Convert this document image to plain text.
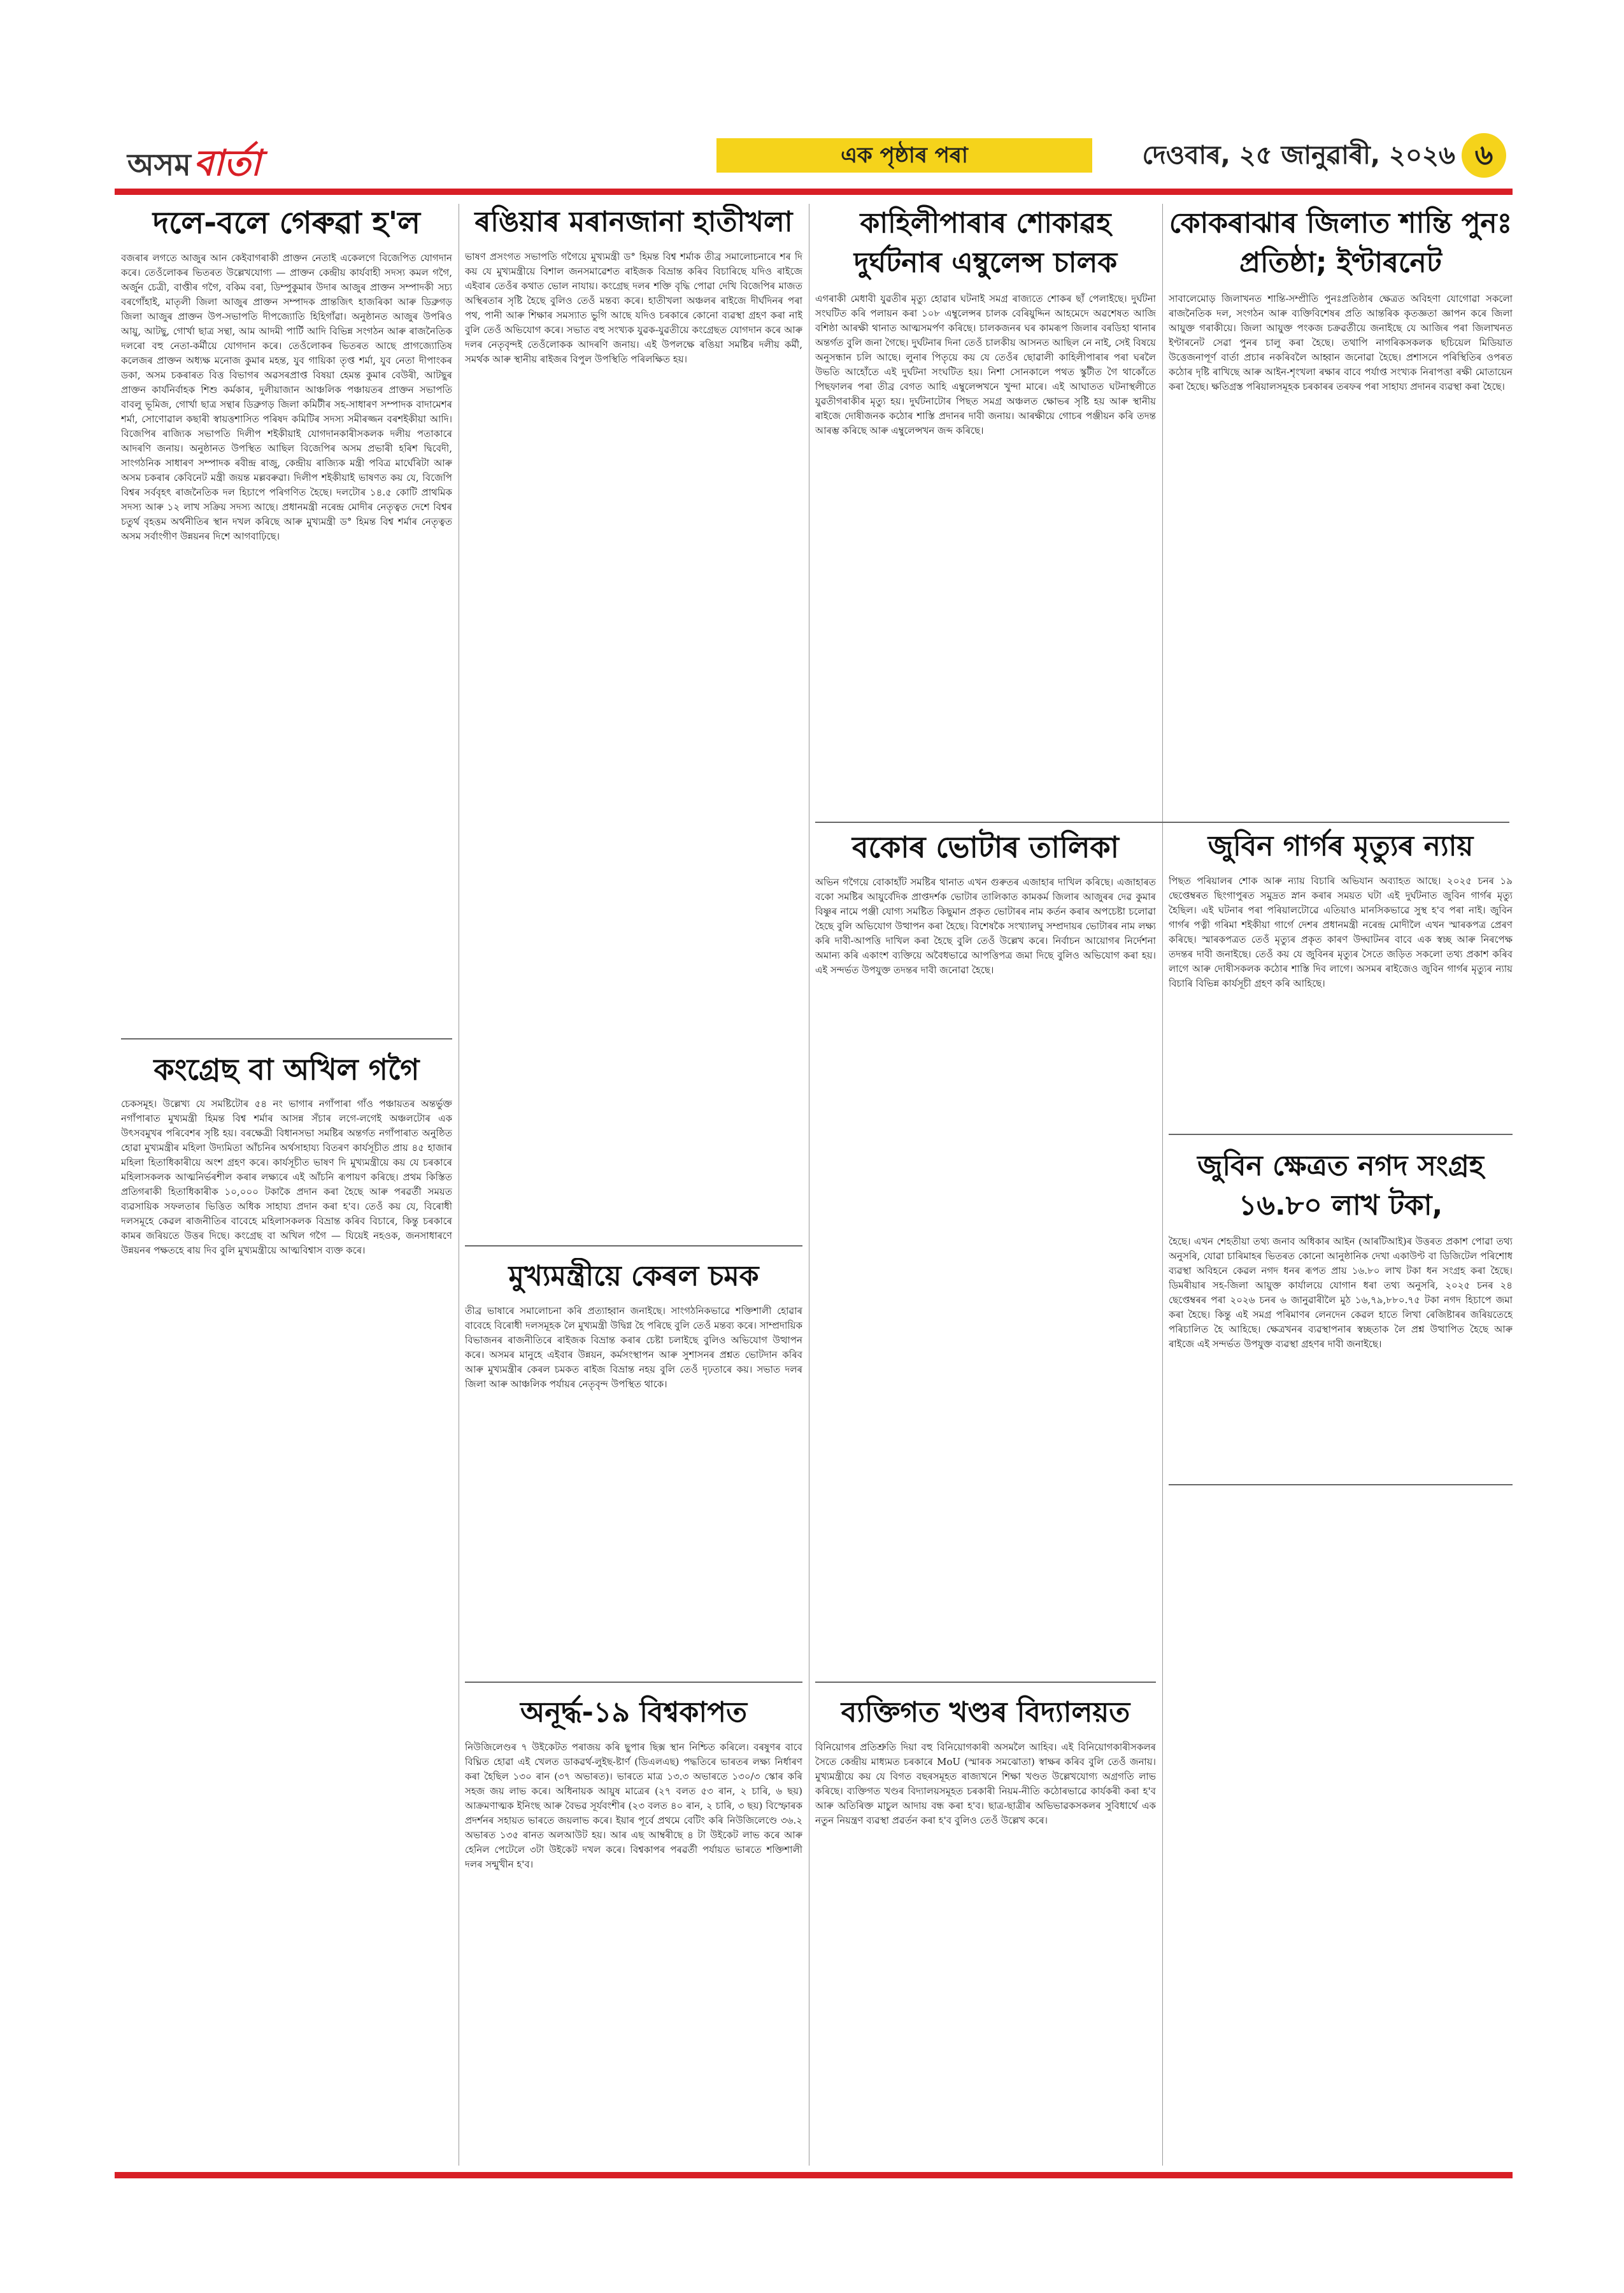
অসম বাৰ্তা	এক পৃষ্ঠাৰ পৰা	দেওবাৰ, ২৫ জানুৱাৰী, ২০২৬ ৬
দলে-বলে গেৰুৱা হ'ল
বজৰাৰ লগতে আজুৰ আন কেইবাগৰাকী প্ৰাক্তন নেতাই একেলগে বিজেপিত যোগদান কৰে। তেওঁলোকৰ ভিতৰত উল্লেখযোগ্য — প্ৰাক্তন কেন্দ্ৰীয় কাৰ্যবাহী সদস্য কমল গগৈ, অৰ্জুন চেত্ৰী, বাপ্তীৰ গগৈ, বকিম বৰা, ডিম্পুকুমাৰ উদাৰ আজুৰ প্ৰাক্তন সম্পাদকী সচ্য বৰগোঁহাই, মাতৃলী জিলা আজুৰ প্ৰাক্তন সম্পাদক প্ৰান্তজিৎ হাজৰিকা আৰু ডিব্ৰুগড় জিলা আজুৰ প্ৰাক্তন উপ-সভাপতি দীপজ্যোতি হিহিগাঁৱা। অনুষ্ঠানত আজুৰ উপৰিও আয়ু, আটছু, গোৰ্খা ছাত্ৰ সন্থা, আম আদমী পাৰ্টি আদি বিভিন্ন সংগঠন আৰু ৰাজনৈতিক দলৰো বহু নেতা-কৰ্মীয়ে যোগদান কৰে। তেওঁলোকৰ ভিতৰত আছে প্ৰাগজ্যোতিষ কলেজৰ প্ৰাক্তন অধ্যক্ষ মনোজ কুমাৰ মহন্ত, যুব গায়িকা তৃপ্ত শৰ্মা, যুব নেতা দীপাংকৰ ডকা, অসম চকৰাৰত বিত্ত বিভাগৰ অৱসৰপ্ৰাপ্ত বিষয়া হেমন্ত কুমাৰ বেউৰী, আটছুৰ প্ৰাক্তন কাৰ্যনিৰ্বাহক শিশু কৰ্মকাৰ, দুলীয়াজান আঞ্চলিক পঞ্চায়তৰ প্ৰাক্তন সভাপতি বাবলু ভূমিজ, গোৰ্খা ছাত্ৰ সন্থাৰ ডিব্ৰুগড় জিলা কমিটীৰ সহ-সাধাৰণ সম্পাদক বাদামেশৰ শৰ্মা, সোণোৱাল কছাৰী স্বায়ত্তশাসিত পৰিষদ কমিটিৰ সদস্য সমীৰজ্জন বৰশইকীয়া আদি। বিজেপিৰ ৰাজ্যিক সভাপতি দিলীপ শইকীয়াই যোগদানকাৰীসকলক দলীয় পতাকাৰে আদৰণি জনায়। অনুষ্ঠানত উপস্থিত আছিল বিজেপিৰ অসম প্ৰভাৰী হৰিশ দ্বিবেদী, সাংগঠনিক সাধাৰণ সম্পাদক ৰবীন্দ্ৰ ৰাজু, কেন্দ্ৰীয় ৰাজ্যিক মন্ত্ৰী পবিত্ৰ মাৰ্ঘেৰিটা আৰু অসম চকৰাৰ কেবিনেট মন্ত্ৰী জয়ন্ত মল্লবৰুৱা। দিলীপ শইকীয়াই ভাষণত কয় যে, বিজেপি বিশ্বৰ সৰ্ববৃহৎ ৰাজনৈতিক দল হিচাপে পৰিগণিত হৈছে। দলটোৰ ১৪.৫ কোটি প্ৰাথমিক সদস্য আৰু ১২ লাখ সক্ৰিয় সদস্য আছে। প্ৰধানমন্ত্ৰী নৰেন্দ্ৰ মোদীৰ নেতৃত্বত দেশে বিশ্বৰ চতুৰ্থ বৃহত্তম অৰ্থনীতিৰ স্থান দখল কৰিছে আৰু মুখ্যমন্ত্ৰী ড° হিমন্ত বিশ্ব শৰ্মাৰ নেতৃত্বত অসম সৰ্বাংগীণ উন্নয়নৰ দিশে আগবাঢ়িছে।
কংগ্ৰেছ বা অখিল গগৈ
চেকসমূহ। উল্লেখ্য যে সমষ্টিটোৰ ৫৪ নং ভাগাৰ নগাঁপাৰা গাঁও পঞ্চায়তৰ অন্তৰ্ভুক্ত নগাঁপাৰাত মুখ্যমন্ত্ৰী হিমন্ত বিশ্ব শৰ্মাৰ আসন্ন সঁচাৰ লগে-লগেই অঞ্চলটোৰ এক উৎসবমুখৰ পৰিবেশৰ সৃষ্টি হয়। বৰক্ষেত্ৰী বিধানসভা সমষ্টিৰ অন্তৰ্গত নগাঁপাৰাত অনুষ্ঠিত হোৱা মুখ্যমন্ত্ৰীৰ মহিলা উদ্যমিতা আঁচনিৰ অৰ্থসাহায্য বিতৰণ কাৰ্যসূচীত প্ৰায় ৪৫ হাজাৰ মহিলা হিতাধিকাৰীয়ে অংশ গ্ৰহণ কৰে। কাৰ্যসূচীত ভাষণ দি মুখ্যমন্ত্ৰীয়ে কয় যে চৰকাৰে মহিলাসকলক আত্মনিৰ্ভৰশীল কৰাৰ লক্ষ্যৰে এই আঁচনি ৰূপায়ণ কৰিছে। প্ৰথম কিস্তিত প্ৰতিগৰাকী হিতাধিকাৰীক ১০,০০০ টকাকৈ প্ৰদান কৰা হৈছে আৰু পৰৱৰ্তী সময়ত ব্যৱসায়িক সফলতাৰ ভিত্তিত অধিক সাহায্য প্ৰদান কৰা হ'ব। তেওঁ কয় যে, বিৰোধী দলসমূহে কেৱল ৰাজনীতিৰ বাবেহে মহিলাসকলক বিভ্ৰান্ত কৰিব বিচাৰে, কিন্তু চৰকাৰে কামৰ জৰিয়তে উত্তৰ দিছে। কংগ্ৰেছ বা অখিল গগৈ — যিয়েই নহওক, জনসাধাৰণে উন্নয়নৰ পক্ষতহে ৰায় দিব বুলি মুখ্যমন্ত্ৰীয়ে আত্মবিশ্বাস ব্যক্ত কৰে।
ৰঙিয়াৰ মৰানজানা হাতীখলা
ভাষণ প্ৰসংগত সভাপতি গগৈয়ে মুখ্যমন্ত্ৰী ড° হিমন্ত বিশ্ব শৰ্মাক তীব্ৰ সমালোচনাৰে শৰ দি কয় যে মুখ্যমন্ত্ৰীয়ে বিশাল জনসমাৱেশত ৰাইজক বিভ্ৰান্ত কৰিব বিচাৰিছে যদিও ৰাইজে এইবাৰ তেওঁৰ কথাত ভোল নাযায়। কংগ্ৰেছ দলৰ শক্তি বৃদ্ধি পোৱা দেখি বিজেপিৰ মাজত অস্থিৰতাৰ সৃষ্টি হৈছে বুলিও তেওঁ মন্তব্য কৰে। হাতীখলা অঞ্চলৰ ৰাইজে দীৰ্ঘদিনৰ পৰা পথ, পানী আৰু শিক্ষাৰ সমস্যাত ভুগি আছে যদিও চৰকাৰে কোনো ব্যৱস্থা গ্ৰহণ কৰা নাই বুলি তেওঁ অভিযোগ কৰে। সভাত বহু সংখ্যক যুৱক-যুৱতীয়ে কংগ্ৰেছত যোগদান কৰে আৰু দলৰ নেতৃবৃন্দই তেওঁলোকক আদৰণি জনায়। এই উপলক্ষে ৰঙিয়া সমষ্টিৰ দলীয় কৰ্মী, সমৰ্থক আৰু স্থানীয় ৰাইজৰ বিপুল উপস্থিতি পৰিলক্ষিত হয়।
মুখ্যমন্ত্ৰীয়ে কেৰল চমক
তীব্ৰ ভাষাৰে সমালোচনা কৰি প্ৰত্যাহ্বান জনাইছে। সাংগঠনিকভাৱে শক্তিশালী হোৱাৰ বাবেহে বিৰোধী দলসমূহক লৈ মুখ্যমন্ত্ৰী উদ্বিগ্ন হৈ পৰিছে বুলি তেওঁ মন্তব্য কৰে। সাম্প্ৰদায়িক বিভাজনৰ ৰাজনীতিৰে ৰাইজক বিভ্ৰান্ত কৰাৰ চেষ্টা চলাইছে বুলিও অভিযোগ উত্থাপন কৰে। অসমৰ মানুহে এইবাৰ উন্নয়ন, কৰ্মসংস্থাপন আৰু সুশাসনৰ প্ৰশ্নত ভোটদান কৰিব আৰু মুখ্যমন্ত্ৰীৰ কেৰল চমকত ৰাইজ বিভ্ৰান্ত নহয় বুলি তেওঁ দৃঢ়তাৰে কয়। সভাত দলৰ জিলা আৰু আঞ্চলিক পৰ্যায়ৰ নেতৃবৃন্দ উপস্থিত থাকে।
অনূৰ্দ্ধ-১৯ বিশ্বকাপত
নিউজিলেণ্ডৰ ৭ উইকেটত পৰাজয় কৰি ছুপাৰ ছিক্স স্থান নিশ্চিত কৰিলে। বৰষুণৰ বাবে বিঘ্নিত হোৱা এই খেলত ডাকৱৰ্থ-লুইছ-ষ্টাৰ্ণ (ডিএলএছ) পদ্ধতিৰে ভাৰতৰ লক্ষ্য নিৰ্ধাৰণ কৰা হৈছিল ১৩০ ৰান (৩৭ অভাৰত)। ভাৰতে মাত্ৰ ১৩.৩ অভাৰতে ১৩০/৩ স্কোৰ কৰি সহজ জয় লাভ কৰে। অধিনায়ক আয়ুষ মাত্ৰেৰ (২৭ বলত ৫৩ ৰান, ২ চাৰি, ৬ ছয়) আক্ৰমণাত্মক ইনিংছ আৰু বৈভৱ সূৰ্যবংশীৰ (২৩ বলত ৪০ ৰান, ২ চাৰি, ৩ ছয়) বিস্ফোৰক প্ৰদৰ্শনৰ সহায়ত ভাৰতে জয়লাভ কৰে। ইয়াৰ পূৰ্বে প্ৰথমে বেটিং কৰি নিউজিলেণ্ডে ৩৬.২ অভাৰত ১৩৫ ৰানত অলআউট হয়। আৰ এছ আম্বৰীছে ৪ টা উইকেট লাভ কৰে আৰু হেনিল পেটেলে ৩টা উইকেট দখল কৰে। বিশ্বকাপৰ পৰৱৰ্তী পৰ্যায়ত ভাৰতে শক্তিশালী দলৰ সন্মুখীন হ'ব।
কাহিলীপাৰাৰ শোকাৱহ দুৰ্ঘটনাৰ এম্বুলেন্স চালক
এগৰাকী মেধাবী যুৱতীৰ মৃত্যু হোৱাৰ ঘটনাই সমগ্ৰ ৰাজ্যতে শোকৰ ছাঁ পেলাইছে। দুৰ্ঘটনা সংঘটিত কৰি পলায়ন কৰা ১০৮ এম্বুলেন্সৰ চালক বেৰিয়ুদ্দিন আহমেদে অৱশেষত আজি বশিষ্ঠা আৰক্ষী থানাত আত্মসমৰ্পণ কৰিছে। চালকজনৰ ঘৰ কামৰূপ জিলাৰ বৰডিহা থানাৰ অন্তৰ্গত বুলি জনা গৈছে। দুৰ্ঘটনাৰ দিনা তেওঁ চালকীয় আসনত আছিল নে নাই, সেই বিষয়ে অনুসন্ধান চলি আছে। লুনাৰ পিতৃয়ে কয় যে তেওঁৰ ছোৱালী কাহিলীপাৰাৰ পৰা ঘৰলৈ উভতি আহোঁতে এই দুৰ্ঘটনা সংঘটিত হয়। নিশা সোনকালে পথত স্কুটীত গৈ থাকোঁতে পিছফালৰ পৰা তীব্ৰ বেগত আহি এম্বুলেন্সখনে খুন্দা মাৰে। এই আঘাতত ঘটনাস্থলীতে যুৱতীগৰাকীৰ মৃত্যু হয়। দুৰ্ঘটনাটোৰ পিছত সমগ্ৰ অঞ্চলত ক্ষোভৰ সৃষ্টি হয় আৰু স্থানীয় ৰাইজে দোষীজনক কঠোৰ শাস্তি প্ৰদানৰ দাবী জনায়। আৰক্ষীয়ে গোচৰ পঞ্জীয়ন কৰি তদন্ত আৰম্ভ কৰিছে আৰু এম্বুলেন্সখন জব্দ কৰিছে।
বকোৰ ভোটাৰ তালিকা
অভিন গগৈয়ে বোকাহাঁট সমষ্টিৰ থানাত এখন গুৰুতৰ এজাহাৰ দাখিল কৰিছে। এজাহাৰত বকো সমষ্টিৰ আয়ুৰ্বেদিক প্ৰাপ্তদৰ্শক ভোটাৰ তালিকাত কামকৰ্ম জিলাৰ আজুৰৰ দেৱ কুমাৰ বিষ্ণুৰ নামে পঞ্জী যোগ্য সমষ্টিত কিছুমান প্ৰকৃত ভোটাৰৰ নাম কৰ্তন কৰাৰ অপচেষ্টা চলোৱা হৈছে বুলি অভিযোগ উত্থাপন কৰা হৈছে। বিশেষকৈ সংখ্যালঘু সম্প্ৰদায়ৰ ভোটাৰৰ নাম লক্ষ্য কৰি দাবী-আপত্তি দাখিল কৰা হৈছে বুলি তেওঁ উল্লেখ কৰে। নিৰ্বাচন আয়োগৰ নিৰ্দেশনা অমান্য কৰি একাংশ ব্যক্তিয়ে অবৈধভাৱে আপত্তিপত্ৰ জমা দিছে বুলিও অভিযোগ কৰা হয়। এই সন্দৰ্ভত উপযুক্ত তদন্তৰ দাবী জনোৱা হৈছে।
কোকৰাঝাৰ জিলাত শান্তি পুনঃ প্ৰতিষ্ঠা; ইণ্টাৰনেট
সাবালেমোড় জিলাখনত শান্তি-সম্প্ৰীতি পুনঃপ্ৰতিষ্ঠাৰ ক্ষেত্ৰত অবিহণা যোগোৱা সকলো ৰাজনৈতিক দল, সংগঠন আৰু ব্যক্তিবিশেষৰ প্ৰতি আন্তৰিক কৃতজ্ঞতা জ্ঞাপন কৰে জিলা আয়ুক্ত গৰাকীয়ে। জিলা আয়ুক্ত পংকজ চক্ৰৱৰ্তীয়ে জনাইছে যে আজিৰ পৰা জিলাখনত ইণ্টাৰনেট সেৱা পুনৰ চালু কৰা হৈছে। তথাপি নাগৰিকসকলক ছচিয়েল মিডিয়াত উত্তেজনাপূৰ্ণ বাৰ্তা প্ৰচাৰ নকৰিবলৈ আহ্বান জনোৱা হৈছে। প্ৰশাসনে পৰিস্থিতিৰ ওপৰত কঠোৰ দৃষ্টি ৰাখিছে আৰু আইন-শৃংখলা ৰক্ষাৰ বাবে পৰ্যাপ্ত সংখ্যক নিৰাপত্তা ৰক্ষী মোতায়েন কৰা হৈছে। ক্ষতিগ্ৰস্ত পৰিয়ালসমূহক চৰকাৰৰ তৰফৰ পৰা সাহায্য প্ৰদানৰ ব্যৱস্থা কৰা হৈছে।
জুবিন গাৰ্গৰ মৃত্যুৰ ন্যায়
পিছত পৰিয়ালৰ শোক আৰু ন্যায় বিচাৰি অভিযান অব্যাহত আছে। ২০২৫ চনৰ ১৯ ছেপ্তেম্বৰত ছিংগাপুৰত সমুদ্ৰত স্নান কৰাৰ সময়ত ঘটা এই দুৰ্ঘটনাত জুবিন গাৰ্গৰ মৃত্যু হৈছিল। এই ঘটনাৰ পৰা পৰিয়ালটোৱে এতিয়াও মানসিকভাৱে সুস্থ হ'ব পৰা নাই। জুবিন গাৰ্গৰ পত্নী গৰিমা শইকীয়া গাৰ্গে দেশৰ প্ৰধানমন্ত্ৰী নৰেন্দ্ৰ মোদীলৈ এখন স্মাৰকপত্ৰ প্ৰেৰণ কৰিছে। স্মাৰকপত্ৰত তেওঁ মৃত্যুৰ প্ৰকৃত কাৰণ উদ্ঘাটনৰ বাবে এক স্বচ্ছ আৰু নিৰপেক্ষ তদন্তৰ দাবী জনাইছে। তেওঁ কয় যে জুবিনৰ মৃত্যুৰ সৈতে জড়িত সকলো তথ্য প্ৰকাশ কৰিব লাগে আৰু দোষীসকলক কঠোৰ শাস্তি দিব লাগে। অসমৰ ৰাইজেও জুবিন গাৰ্গৰ মৃত্যুৰ ন্যায় বিচাৰি বিভিন্ন কাৰ্যসূচী গ্ৰহণ কৰি আহিছে।
জুবিন ক্ষেত্ৰত নগদ সংগ্ৰহ ১৬.৮০ লাখ টকা,
হৈছে। এখন শেহতীয়া তথ্য জনাব অধিকাৰ আইন (আৰটিআই)ৰ উত্তৰত প্ৰকাশ পোৱা তথ্য অনুসৰি, যোৱা চাৰিমাহৰ ভিতৰত কোনো আনুষ্ঠানিক দেখা একাউণ্ট বা ডিজিটেল পৰিশোধ ব্যৱস্থা অবিহনে কেৱল নগদ ধনৰ ৰূপত প্ৰায় ১৬.৮০ লাখ টকা ধন সংগ্ৰহ কৰা হৈছে। ডিমৰীয়াৰ সহ-জিলা আয়ুক্ত কাৰ্যালয়ে যোগান ধৰা তথ্য অনুসৰি, ২০২৫ চনৰ ২৪ ছেপ্তেম্বৰৰ পৰা ২০২৬ চনৰ ৬ জানুৱাৰীলৈ মুঠ ১৬,৭৯,৮৮০.৭৫ টকা নগদ হিচাপে জমা কৰা হৈছে। কিন্তু এই সমগ্ৰ পৰিমাণৰ লেনদেন কেৱল হাতে লিখা ৰেজিষ্টাৰৰ জৰিয়তেহে পৰিচালিত হৈ আহিছে। ক্ষেত্ৰখনৰ ব্যৱস্থাপনাৰ স্বচ্ছতাক লৈ প্ৰশ্ন উত্থাপিত হৈছে আৰু ৰাইজে এই সন্দৰ্ভত উপযুক্ত ব্যৱস্থা গ্ৰহণৰ দাবী জনাইছে।
ব্যক্তিগত খণ্ডৰ বিদ্যালয়ত
বিনিয়োগৰ প্ৰতিশ্ৰুতি দিয়া বহু বিনিয়োগকাৰী অসমলৈ আহিব। এই বিনিয়োগকাৰীসকলৰ সৈতে কেন্দ্ৰীয় মাধ্যমত চৰকাৰে MoU (স্মাৰক সমঝোতা) স্বাক্ষৰ কৰিব বুলি তেওঁ জনায়। মুখ্যমন্ত্ৰীয়ে কয় যে বিগত বছৰসমূহত ৰাজ্যখনে শিক্ষা খণ্ডত উল্লেখযোগ্য অগ্ৰগতি লাভ কৰিছে। ব্যক্তিগত খণ্ডৰ বিদ্যালয়সমূহত চৰকাৰী নিয়ম-নীতি কঠোৰভাৱে কাৰ্যকৰী কৰা হ'ব আৰু অতিৰিক্ত মাচুল আদায় বন্ধ কৰা হ'ব। ছাত্ৰ-ছাত্ৰীৰ অভিভাৱকসকলৰ সুবিধাৰ্থে এক নতুন নিয়ন্ত্ৰণ ব্যৱস্থা প্ৰৱৰ্তন কৰা হ'ব বুলিও তেওঁ উল্লেখ কৰে।
